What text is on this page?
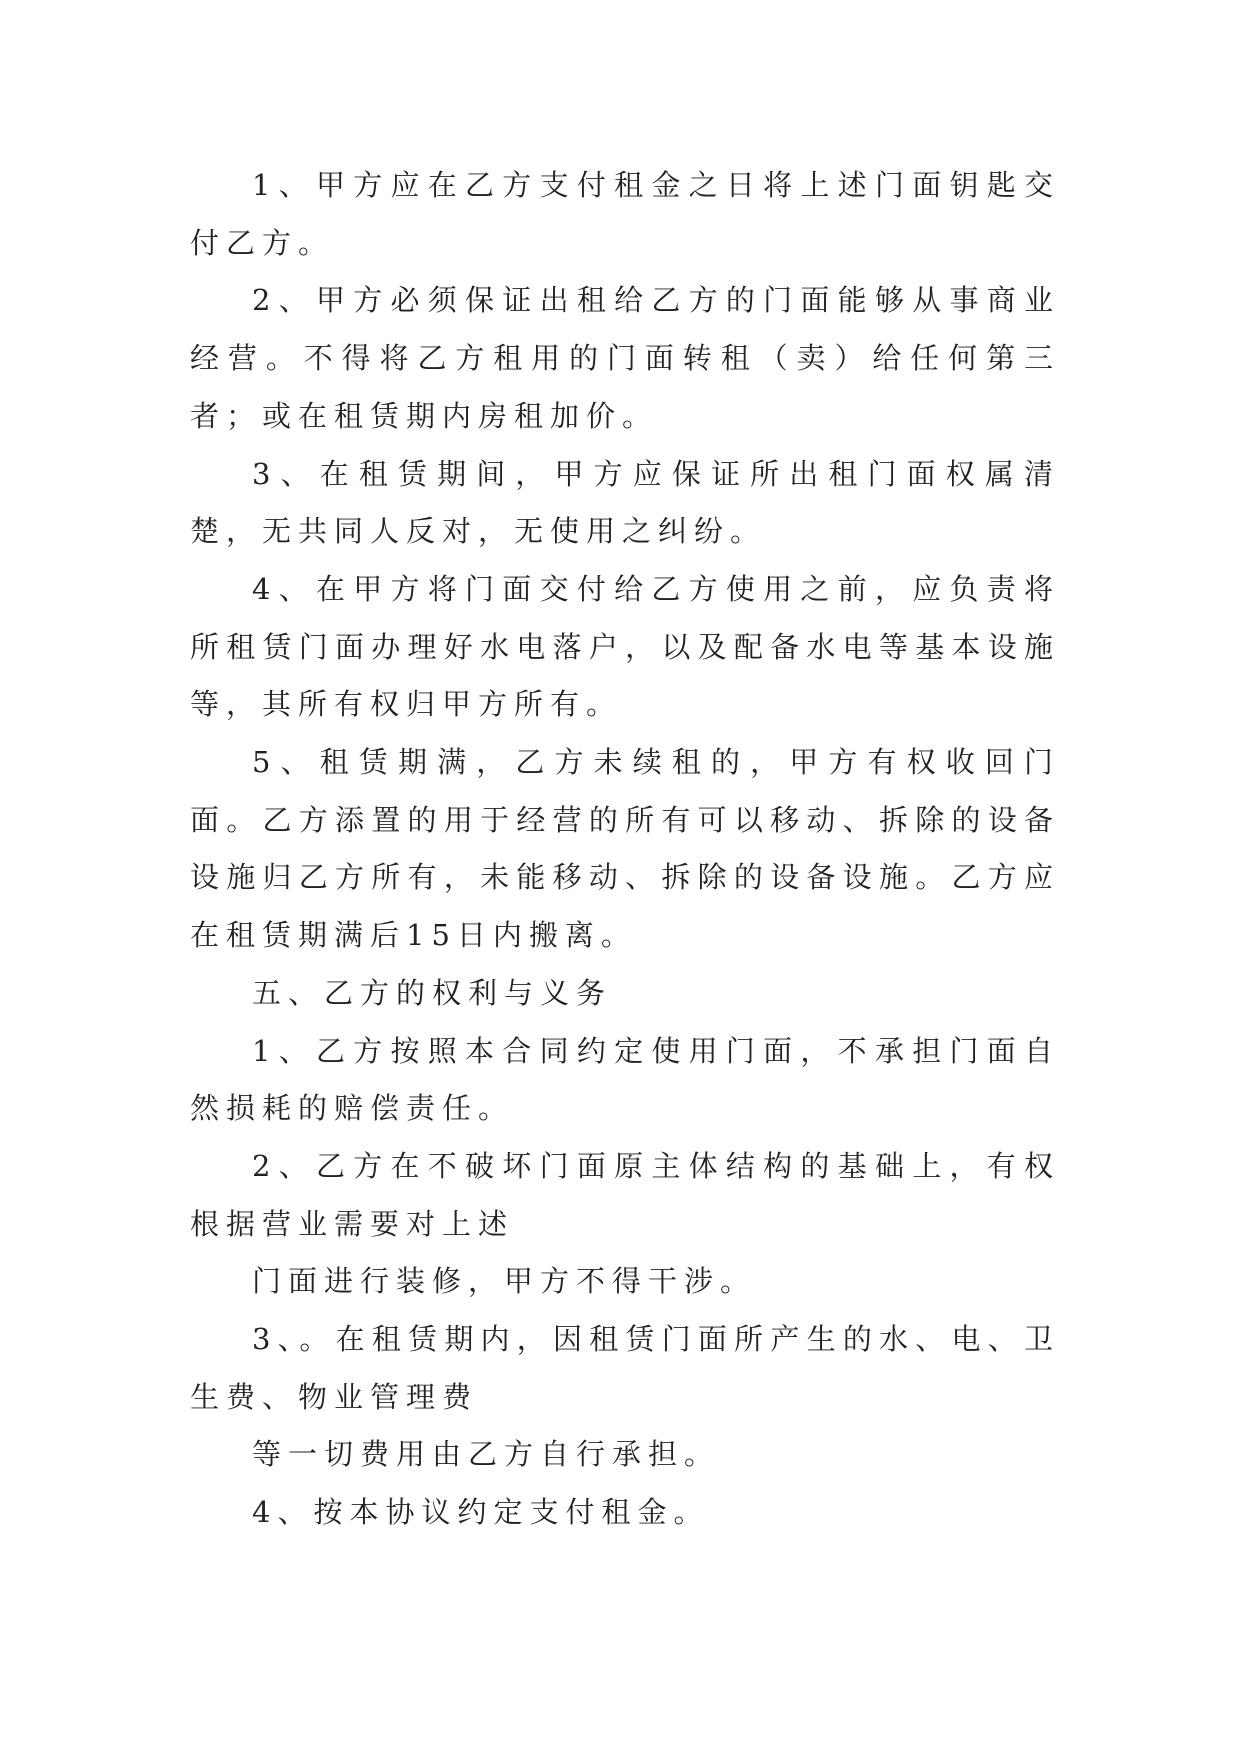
1、甲方应在乙方支付租金之日将上述门面钥匙交付乙方。

2、甲方必须保证出租给乙方的门面能够从事商业经营。不得将乙方租用的门面转租（卖）给任何第三者；或在租赁期内房租加价。

3、在租赁期间，甲方应保证所出租门面权属清楚，无共同人反对，无使用之纠纷。

4、在甲方将门面交付给乙方使用之前，应负责将所租赁门面办理好水电落户，以及配备水电等基本设施等，其所有权归甲方所有。

5、租赁期满，乙方未续租的，甲方有权收回门面。乙方添置的用于经营的所有可以移动、拆除的设备设施归乙方所有，未能移动、拆除的设备设施。乙方应在租赁期满后15日内搬离。

五、乙方的权利与义务

1、乙方按照本合同约定使用门面，不承担门面自然损耗的赔偿责任。

2、乙方在不破坏门面原主体结构的基础上，有权根据营业需要对上述

门面进行装修，甲方不得干涉。

3、。在租赁期内，因租赁门面所产生的水、电、卫生费、物业管理费

等一切费用由乙方自行承担。

4、按本协议约定支付租金。
